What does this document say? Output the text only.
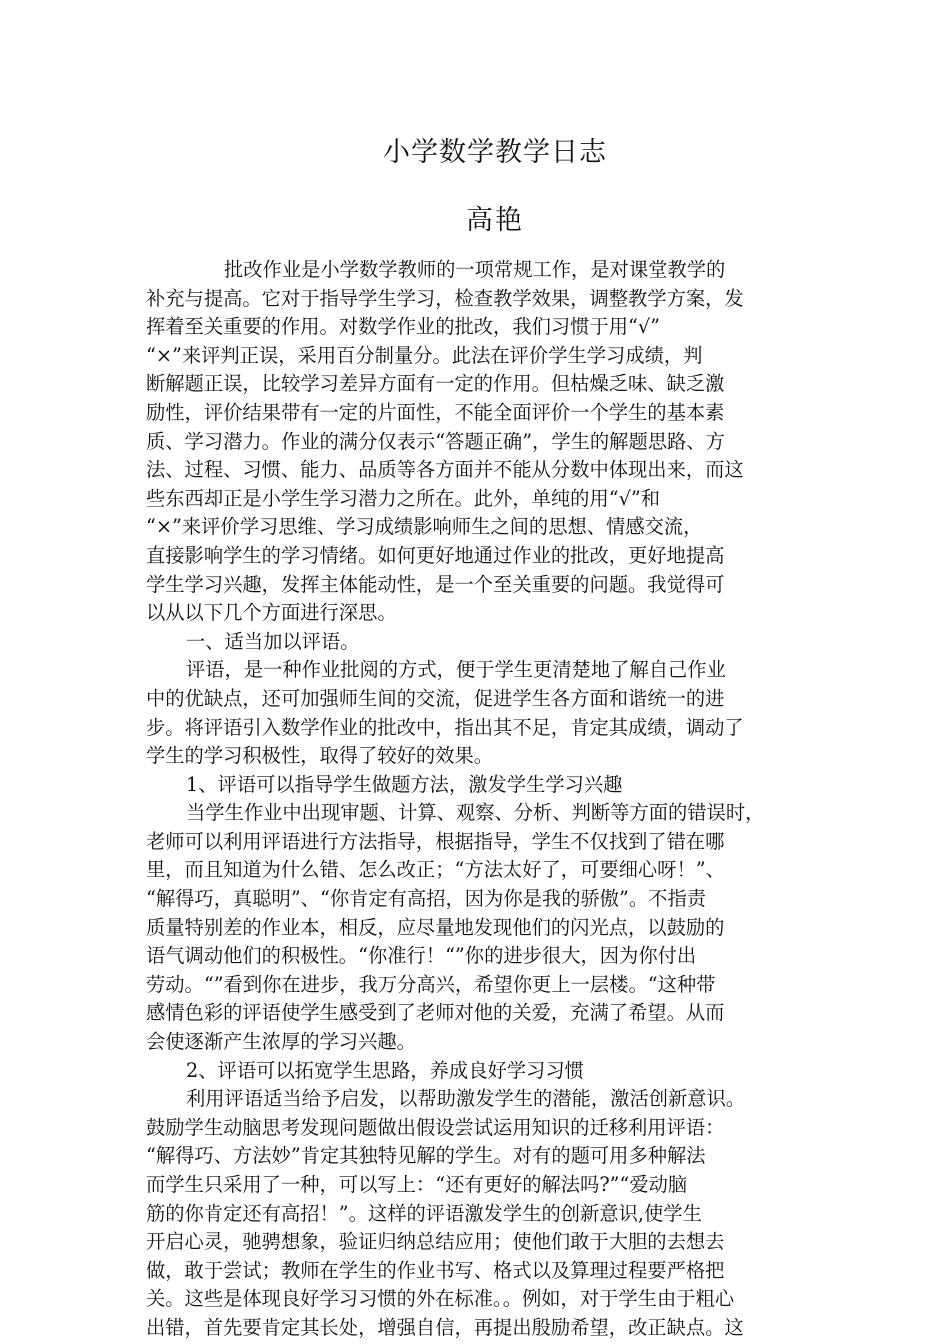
小学数学教学日志
高艳
批改作业是小学数学教师的一项常规工作，是对课堂教学的
补充与提高。它对于指导学生学习，检查教学效果，调整教学方案，发
挥着至关重要的作用。对数学作业的批改，我们习惯于用“√”
“×”来评判正误，采用百分制量分。此法在评价学生学习成绩，判
断解题正误，比较学习差异方面有一定的作用。但枯燥乏味、缺乏激
励性，评价结果带有一定的片面性，不能全面评价一个学生的基本素
质、学习潜力。作业的满分仅表示“答题正确”，学生的解题思路、方
法、过程、习惯、能力、品质等各方面并不能从分数中体现出来，而这
些东西却正是小学生学习潜力之所在。此外，单纯的用“√”和
“×”来评价学习思维、学习成绩影响师生之间的思想、情感交流，
直接影响学生的学习情绪。如何更好地通过作业的批改，更好地提高
学生学习兴趣，发挥主体能动性，是一个至关重要的问题。我觉得可
以从以下几个方面进行深思。
一、适当加以评语。
评语，是一种作业批阅的方式，便于学生更清楚地了解自己作业
中的优缺点，还可加强师生间的交流，促进学生各方面和谐统一的进
步。将评语引入数学作业的批改中，指出其不足，肯定其成绩，调动了
学生的学习积极性，取得了较好的效果。
1、评语可以指导学生做题方法，激发学生学习兴趣
当学生作业中出现审题、计算、观察、分析、判断等方面的错误时，
老师可以利用评语进行方法指导，根据指导，学生不仅找到了错在哪
里，而且知道为什么错、怎么改正；“方法太好了，可要细心呀！”、
“解得巧，真聪明”、“你肯定有高招，因为你是我的骄傲”。不指责
质量特别差的作业本，相反，应尽量地发现他们的闪光点，以鼓励的
语气调动他们的积极性。“你准行！“”你的进步很大，因为你付出
劳动。“”看到你在进步，我万分高兴，希望你更上一层楼。“这种带
感情色彩的评语使学生感受到了老师对他的关爱，充满了希望。从而
会使逐渐产生浓厚的学习兴趣。
2、评语可以拓宽学生思路，养成良好学习习惯
利用评语适当给予启发，以帮助激发学生的潜能，激活创新意识。
鼓励学生动脑思考发现问题做出假设尝试运用知识的迁移利用评语：
“解得巧、方法妙”肯定其独特见解的学生。对有的题可用多种解法
而学生只采用了一种，可以写上：“还有更好的解法吗?”“爱动脑
筋的你肯定还有高招！”。这样的评语激发学生的创新意识,使学生
开启心灵，驰骋想象，验证归纳总结应用；使他们敢于大胆的去想去
做，敢于尝试；教师在学生的作业书写、格式以及算理过程要严格把
关。这些是体现良好学习习惯的外在标准。。例如，对于学生由于粗心
出错，首先要肯定其长处，增强自信，再提出殷励希望，改正缺点。这
